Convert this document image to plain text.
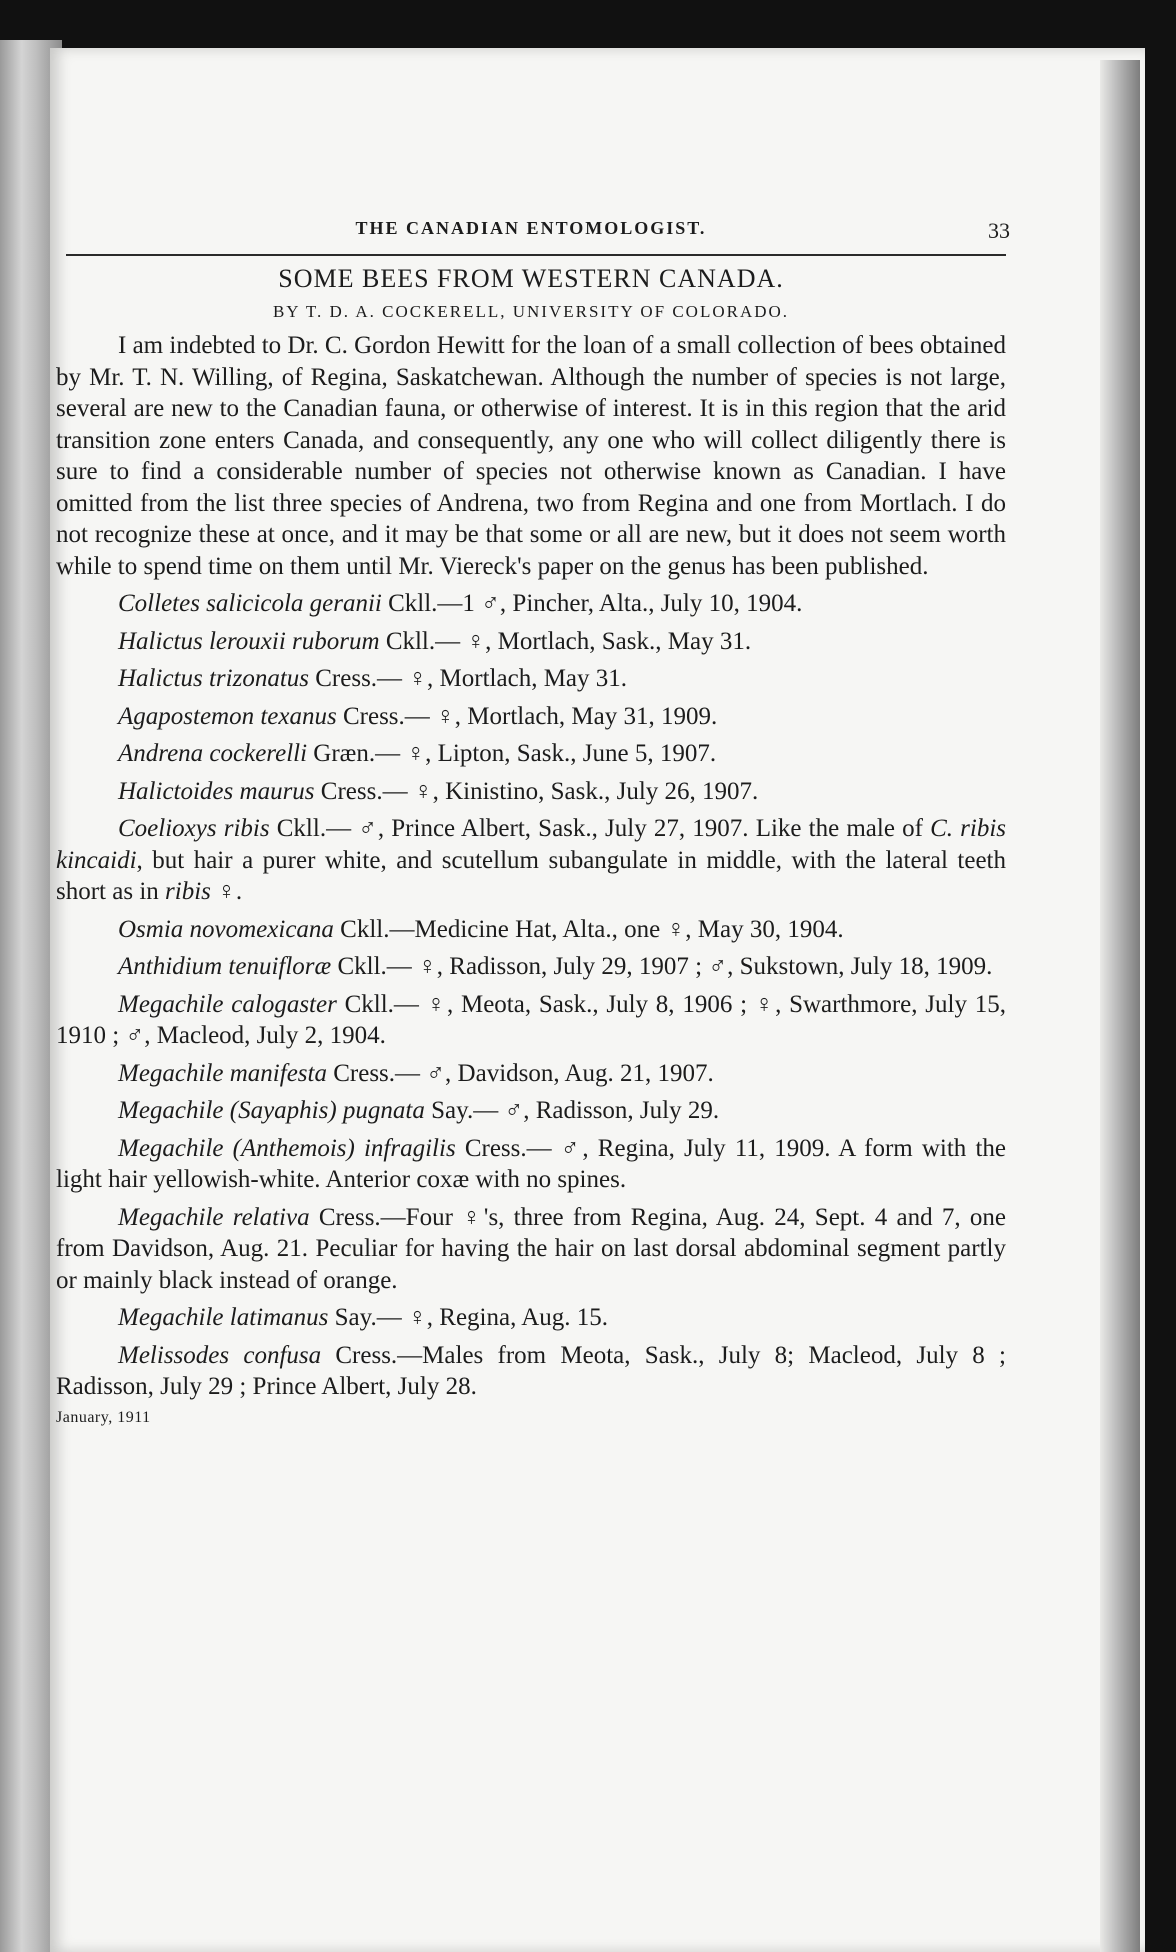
THE CANADIAN ENTOMOLOGIST.	33
SOME BEES FROM WESTERN CANADA.
BY T. D. A. COCKERELL, UNIVERSITY OF COLORADO.

I am indebted to Dr. C. Gordon Hewitt for the loan of a small collection of bees obtained by Mr. T. N. Willing, of Regina, Saskatchewan. Although the number of species is not large, several are new to the Canadian fauna, or otherwise of interest. It is in this region that the arid transition zone enters Canada, and consequently, any one who will collect diligently there is sure to find a considerable number of species not otherwise known as Canadian. I have omitted from the list three species of Andrena, two from Regina and one from Mortlach. I do not recognize these at once, and it may be that some or all are new, but it does not seem worth while to spend time on them until Mr. Viereck's paper on the genus has been published.

Colletes salicicola geranii Ckll.—1 ♂, Pincher, Alta., July 10, 1904.

Halictus lerouxii ruborum Ckll.— ♀, Mortlach, Sask., May 31.

Halictus trizonatus Cress.— ♀, Mortlach, May 31.

Agapostemon texanus Cress.— ♀, Mortlach, May 31, 1909.

Andrena cockerelli Græn.— ♀, Lipton, Sask., June 5, 1907.

Halictoides maurus Cress.— ♀, Kinistino, Sask., July 26, 1907.

Coelioxys ribis Ckll.— ♂, Prince Albert, Sask., July 27, 1907. Like the male of C. ribis kincaidi, but hair a purer white, and scutellum subangulate in middle, with the lateral teeth short as in ribis ♀.

Osmia novomexicana Ckll.—Medicine Hat, Alta., one ♀, May 30, 1904.

Anthidium tenuifloræ Ckll.— ♀, Radisson, July 29, 1907 ; ♂, Sukstown, July 18, 1909.

Megachile calogaster Ckll.— ♀, Meota, Sask., July 8, 1906 ; ♀, Swarthmore, July 15, 1910 ; ♂, Macleod, July 2, 1904.

Megachile manifesta Cress.— ♂, Davidson, Aug. 21, 1907.

Megachile (Sayaphis) pugnata Say.— ♂, Radisson, July 29.

Megachile (Anthemois) infragilis Cress.— ♂, Regina, July 11, 1909. A form with the light hair yellowish-white. Anterior coxæ with no spines.

Megachile relativa Cress.—Four ♀'s, three from Regina, Aug. 24, Sept. 4 and 7, one from Davidson, Aug. 21. Peculiar for having the hair on last dorsal abdominal segment partly or mainly black instead of orange.

Megachile latimanus Say.— ♀, Regina, Aug. 15.

Melissodes confusa Cress.—Males from Meota, Sask., July 8; Macleod, July 8 ; Radisson, July 29 ; Prince Albert, July 28.

January, 1911
